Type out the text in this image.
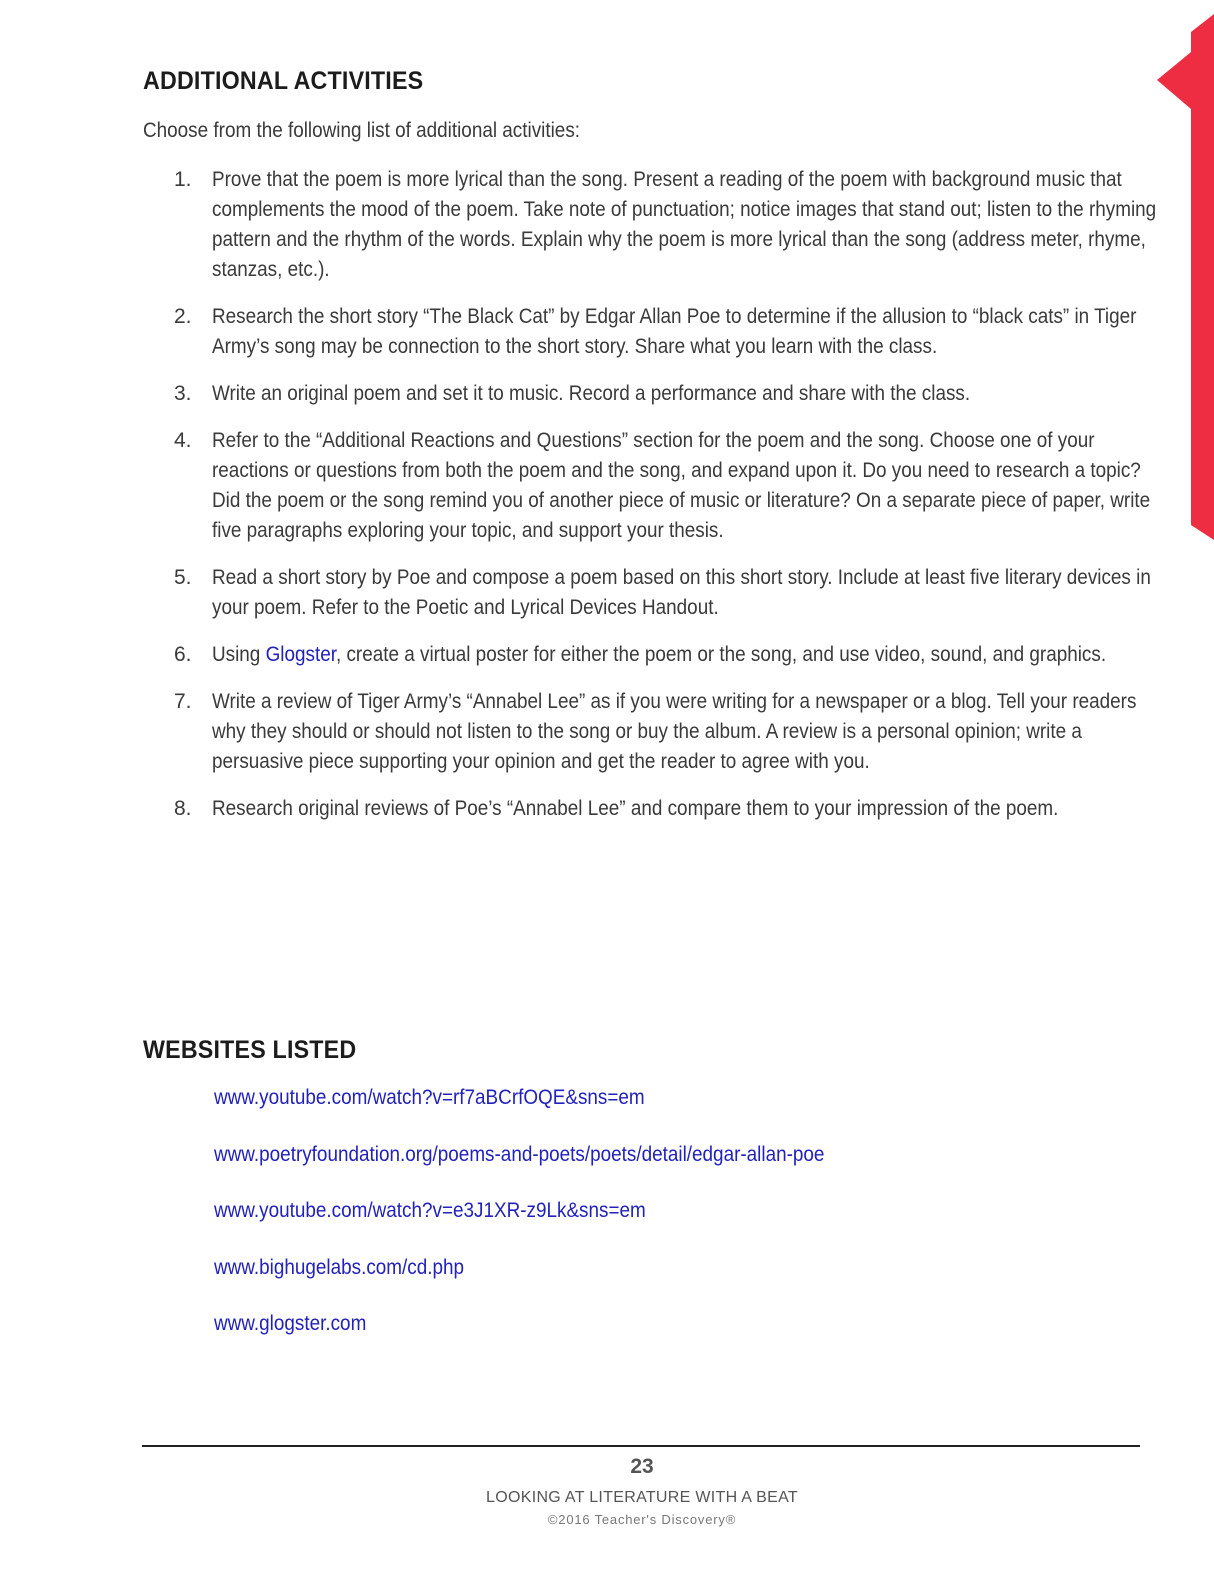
ADDITIONAL ACTIVITIES

Choose from the following list of additional activities:

1. Prove that the poem is more lyrical than the song. Present a reading of the poem with background music that complements the mood of the poem. Take note of punctuation; notice images that stand out; listen to the rhyming pattern and the rhythm of the words. Explain why the poem is more lyrical than the song (address meter, rhyme, stanzas, etc.).
2. Research the short story “The Black Cat” by Edgar Allan Poe to determine if the allusion to “black cats” in Tiger Army’s song may be connection to the short story. Share what you learn with the class.
3. Write an original poem and set it to music. Record a performance and share with the class.
4. Refer to the “Additional Reactions and Questions” section for the poem and the song. Choose one of your reactions or questions from both the poem and the song, and expand upon it. Do you need to research a topic? Did the poem or the song remind you of another piece of music or literature? On a separate piece of paper, write five paragraphs exploring your topic, and support your thesis.
5. Read a short story by Poe and compose a poem based on this short story. Include at least five literary devices in your poem. Refer to the Poetic and Lyrical Devices Handout.
6. Using Glogster, create a virtual poster for either the poem or the song, and use video, sound, and graphics.
7. Write a review of Tiger Army’s “Annabel Lee” as if you were writing for a newspaper or a blog. Tell your readers why they should or should not listen to the song or buy the album. A review is a personal opinion; write a persuasive piece supporting your opinion and get the reader to agree with you.
8. Research original reviews of Poe’s “Annabel Lee” and compare them to your impression of the poem.
WEBSITES LISTED
www.youtube.com/watch?v=rf7aBCrfOQE&sns=em
www.poetryfoundation.org/poems-and-poets/poets/detail/edgar-allan-poe
www.youtube.com/watch?v=e3J1XR-z9Lk&sns=em
www.bighugelabs.com/cd.php
www.glogster.com
23
LOOKING AT LITERATURE WITH A BEAT
©2016 Teacher's Discovery®
